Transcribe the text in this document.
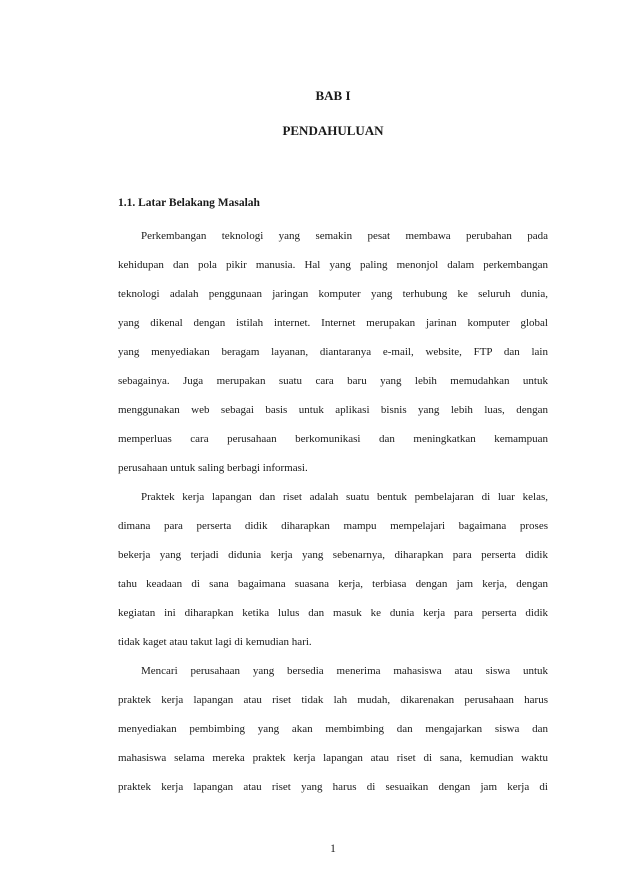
BAB I
PENDAHULUAN
1.1. Latar Belakang Masalah
Perkembangan teknologi yang semakin pesat membawa perubahan pada
kehidupan dan pola pikir manusia. Hal yang paling menonjol dalam perkembangan
teknologi adalah penggunaan jaringan komputer yang terhubung ke seluruh dunia,
yang dikenal dengan istilah internet. Internet merupakan jarinan komputer global
yang menyediakan beragam layanan, diantaranya e-mail, website, FTP dan lain
sebagainya. Juga merupakan suatu cara baru yang lebih memudahkan untuk
menggunakan web sebagai basis untuk aplikasi bisnis yang lebih luas, dengan
memperluas cara perusahaan berkomunikasi dan meningkatkan kemampuan
perusahaan untuk saling berbagi informasi.
Praktek kerja lapangan dan riset adalah suatu bentuk pembelajaran di luar kelas,
dimana para perserta didik diharapkan mampu mempelajari bagaimana proses
bekerja yang terjadi didunia kerja yang sebenarnya, diharapkan para perserta didik
tahu keadaan di sana bagaimana suasana kerja, terbiasa dengan jam kerja, dengan
kegiatan ini diharapkan ketika lulus dan masuk ke dunia kerja para perserta didik
tidak kaget atau takut lagi di kemudian hari.
Mencari perusahaan yang bersedia menerima mahasiswa atau siswa untuk
praktek kerja lapangan atau riset tidak lah mudah, dikarenakan perusahaan harus
menyediakan pembimbing yang akan membimbing dan mengajarkan siswa dan
mahasiswa selama mereka praktek kerja lapangan atau riset di sana, kemudian waktu
praktek kerja lapangan atau riset yang harus di sesuaikan dengan jam kerja di
1
